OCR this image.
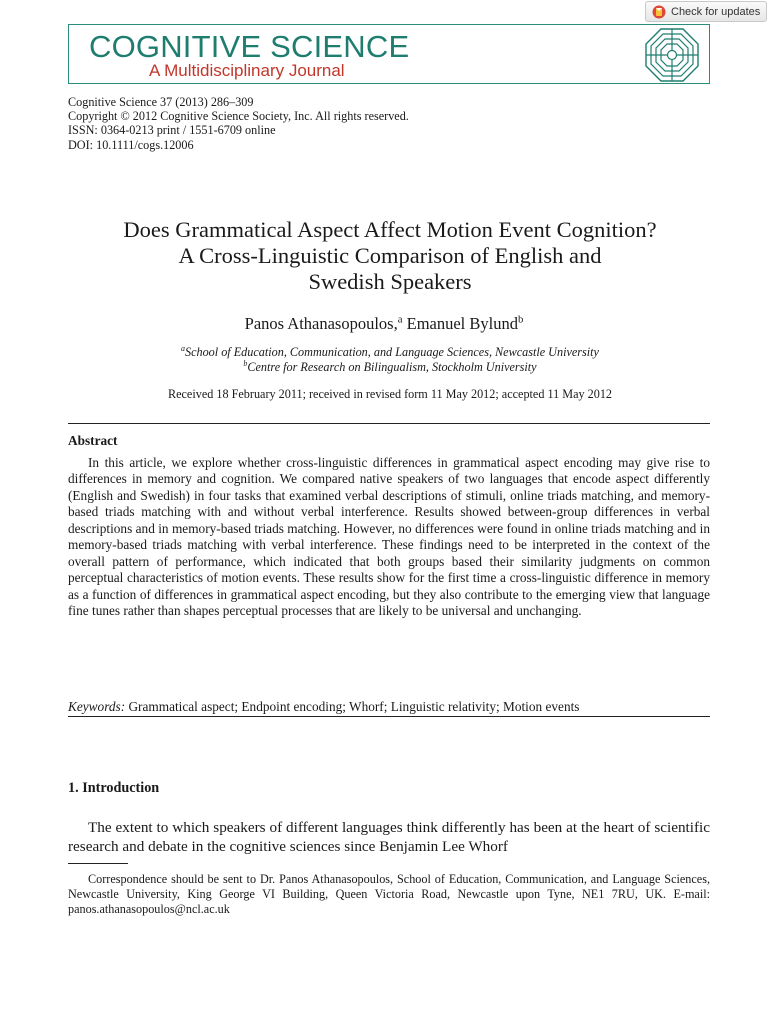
Check for updates
COGNITIVE SCIENCE
A Multidisciplinary Journal
Cognitive Science 37 (2013) 286–309
Copyright © 2012 Cognitive Science Society, Inc. All rights reserved.
ISSN: 0364-0213 print / 1551-6709 online
DOI: 10.1111/cogs.12006
Does Grammatical Aspect Affect Motion Event Cognition?
A Cross-Linguistic Comparison of English and
Swedish Speakers
Panos Athanasopoulos,$^a$ Emanuel Bylund$^b$
$^a$School of Education, Communication, and Language Sciences, Newcastle University
$^b$Centre for Research on Bilingualism, Stockholm University
Received 18 February 2011; received in revised form 11 May 2012; accepted 11 May 2012
Abstract
In this article, we explore whether cross-linguistic differences in grammatical aspect encoding may give rise to differences in memory and cognition. We compared native speakers of two languages that encode aspect differently (English and Swedish) in four tasks that examined verbal descriptions of stimuli, online triads matching, and memory-based triads matching with and without verbal interference. Results showed between-group differences in verbal descriptions and in memory-based triads matching. However, no differences were found in online triads matching and in memory-based triads matching with verbal interference. These findings need to be interpreted in the context of the overall pattern of performance, which indicated that both groups based their similarity judgments on common perceptual characteristics of motion events. These results show for the first time a cross-linguistic difference in memory as a function of differences in grammatical aspect encoding, but they also contribute to the emerging view that language fine tunes rather than shapes perceptual processes that are likely to be universal and unchanging.
Keywords: Grammatical aspect; Endpoint encoding; Whorf; Linguistic relativity; Motion events
1. Introduction
The extent to which speakers of different languages think differently has been at the heart of scientific research and debate in the cognitive sciences since Benjamin Lee Whorf
Correspondence should be sent to Dr. Panos Athanasopoulos, School of Education, Communication, and Language Sciences, Newcastle University, King George VI Building, Queen Victoria Road, Newcastle upon Tyne, NE1 7RU, UK. E-mail: panos.athanasopoulos@ncl.ac.uk
